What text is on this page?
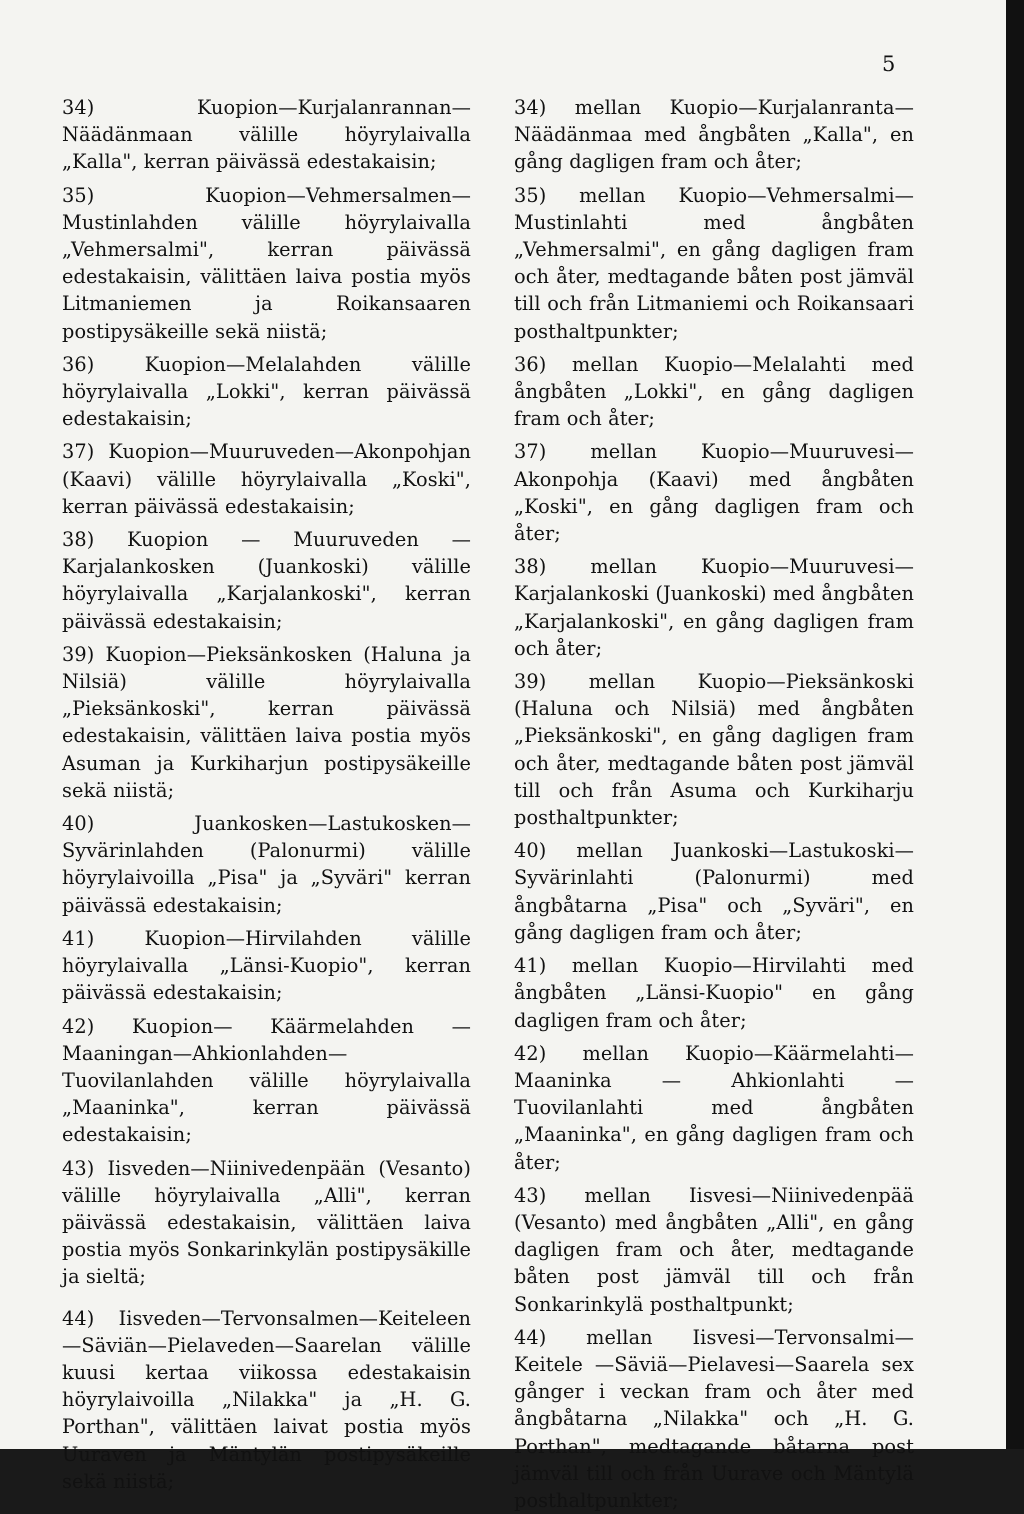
5

34) Kuopion—Kurjalanrannan—Näädänmaan välille höyrylaivalla „Kalla", kerran päivässä edestakaisin;

35) Kuopion—Vehmersalmen—Mustinlahden välille höyrylaivalla „Vehmersalmi", kerran päivässä edestakaisin, välittäen laiva postia myös Litmaniemen ja Roikansaaren postipysäkeille sekä niistä;

36) Kuopion—Melalahden välille höyrylaivalla „Lokki", kerran päivässä edestakaisin;

37) Kuopion—Muuruveden—Akonpohjan (Kaavi) välille höyrylaivalla „Koski", kerran päivässä edestakaisin;

38) Kuopion — Muuruveden — Karjalankosken (Juankoski) välille höyrylaivalla „Karjalankoski", kerran päivässä edestakaisin;

39) Kuopion—Pieksänkosken (Haluna ja Nilsiä) välille höyrylaivalla „Pieksänkoski", kerran päivässä edestakaisin, välittäen laiva postia myös Asuman ja Kurkiharjun postipysäkeille sekä niistä;

40) Juankosken—Lastukosken—Syvärinlahden (Palonurmi) välille höyrylaivoilla „Pisa" ja „Syväri" kerran päivässä edestakaisin;

41) Kuopion—Hirvilahden välille höyrylaivalla „Länsi-Kuopio", kerran päivässä edestakaisin;

42) Kuopion— Käärmelahden —Maaningan—Ahkionlahden—Tuovilanlahden välille höyrylaivalla „Maaninka", kerran päivässä edestakaisin;

43) Iisveden—Niinivedenpään (Vesanto) välille höyrylaivalla „Alli", kerran päivässä edestakaisin, välittäen laiva postia myös Sonkarinkylän postipysäkille ja sieltä;

44) Iisveden—Tervonsalmen—Keiteleen—Säviän—Pielaveden—Saarelan välille kuusi kertaa viikossa edestakaisin höyrylaivoilla „Nilakka" ja „H. G. Porthan", välittäen laivat postia myös Uuraven ja Mäntylän postipysäkeille sekä niistä;

34) mellan Kuopio—Kurjalanranta—Näädänmaa med ångbåten „Kalla", en gång dagligen fram och åter;

35) mellan Kuopio—Vehmersalmi—Mustinlahti med ångbåten „Vehmersalmi", en gång dagligen fram och åter, medtagande båten post jämväl till och från Litmaniemi och Roikansaari posthaltpunkter;

36) mellan Kuopio—Melalahti med ångbåten „Lokki", en gång dagligen fram och åter;

37) mellan Kuopio—Muuruvesi—Akonpohja (Kaavi) med ångbåten „Koski", en gång dagligen fram och åter;

38) mellan Kuopio—Muuruvesi—Karjalankoski (Juankoski) med ångbåten „Karjalankoski", en gång dagligen fram och åter;

39) mellan Kuopio—Pieksänkoski (Haluna och Nilsiä) med ångbåten „Pieksänkoski", en gång dagligen fram och åter, medtagande båten post jämväl till och från Asuma och Kurkiharju posthaltpunkter;

40) mellan Juankoski—Lastukoski—Syvärinlahti (Palonurmi) med ångbåtarna „Pisa" och „Syväri", en gång dagligen fram och åter;

41) mellan Kuopio—Hirvilahti med ångbåten „Länsi-Kuopio" en gång dagligen fram och åter;

42) mellan Kuopio—Käärmelahti—Maaninka — Ahkionlahti — Tuovilanlahti med ångbåten „Maaninka", en gång dagligen fram och åter;

43) mellan Iisvesi—Niinivedenpää (Vesanto) med ångbåten „Alli", en gång dagligen fram och åter, medtagande båten post jämväl till och från Sonkarinkylä posthaltpunkt;

44) mellan Iisvesi—Tervonsalmi—Keitele —Säviä—Pielavesi—Saarela sex gånger i veckan fram och åter med ångbåtarna „Nilakka" och „H. G. Porthan", medtagande båtarna post jämväl till och från Uurave och Mäntylä posthaltpunkter;
